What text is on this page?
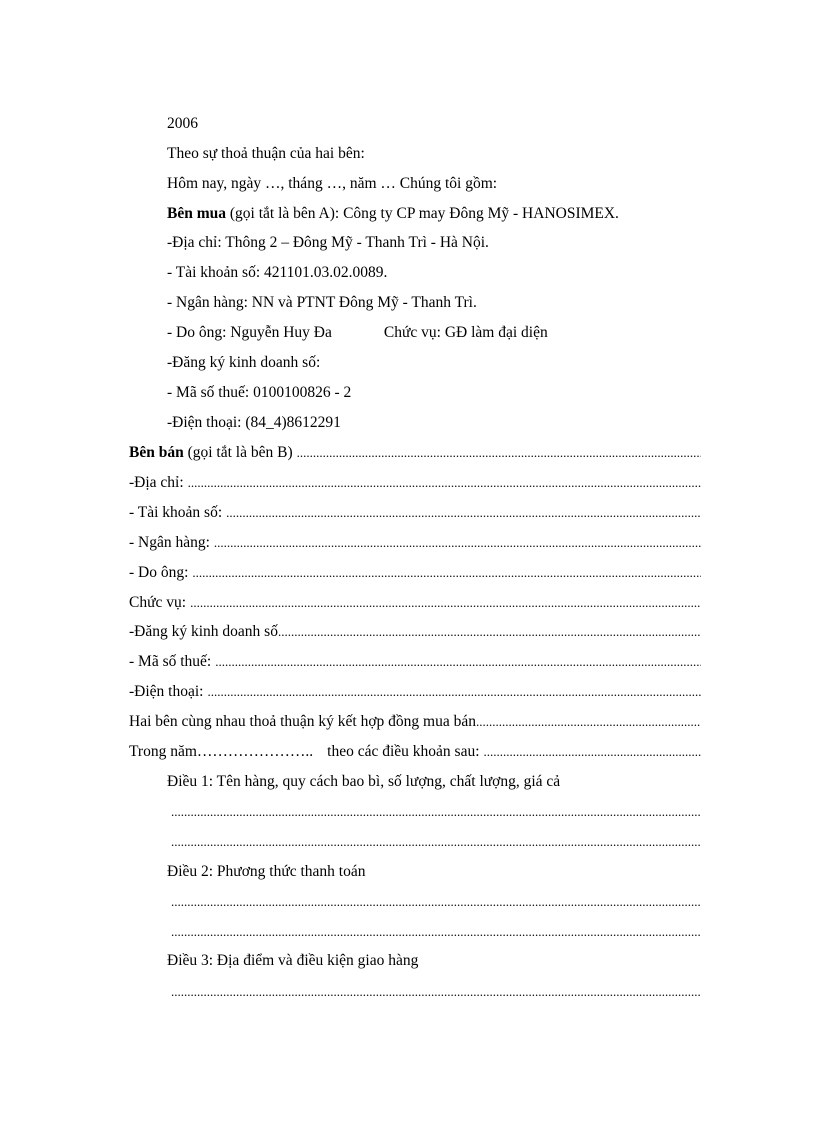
2006
Theo sự thoả thuận của hai bên:
Hôm nay, ngày …, tháng …, năm … Chúng tôi gồm:
Bên mua (gọi tắt là bên A): Công ty CP may Đông Mỹ - HANOSIMEX.
-Địa chỉ: Thông 2 – Đông Mỹ - Thanh Trì - Hà Nội.
- Tài khoản số: 421101.03.02.0089.
- Ngân hàng: NN và PTNT Đông Mỹ - Thanh Trì.
- Do ông: Nguyễn Huy Đa	Chức vụ: GĐ làm đại diện
-Đăng ký kinh doanh số:
- Mã số thuế: 0100100826 - 2
-Điện thoại: (84_4)8612291
Bên bán (gọi tắt là bên B)
.....
-Địa chỉ:
.....
- Tài khoản số:
.....
- Ngân hàng:
.....
- Do ông:
.....
Chức vụ:
.....
-Đăng ký kinh doanh số
.....
- Mã số thuế:
.....
-Điện thoại:
.....
Hai bên cùng nhau thoả thuận ký kết hợp đồng mua bán
.....
Trong năm………………….. theo các điều khoản sau:
.....
Điều 1: Tên hàng, quy cách bao bì, số lượng, chất lượng, giá cả
.....
.....
Điều 2: Phương thức thanh toán
.....
.....
Điều 3: Địa điểm và điều kiện giao hàng
.....
